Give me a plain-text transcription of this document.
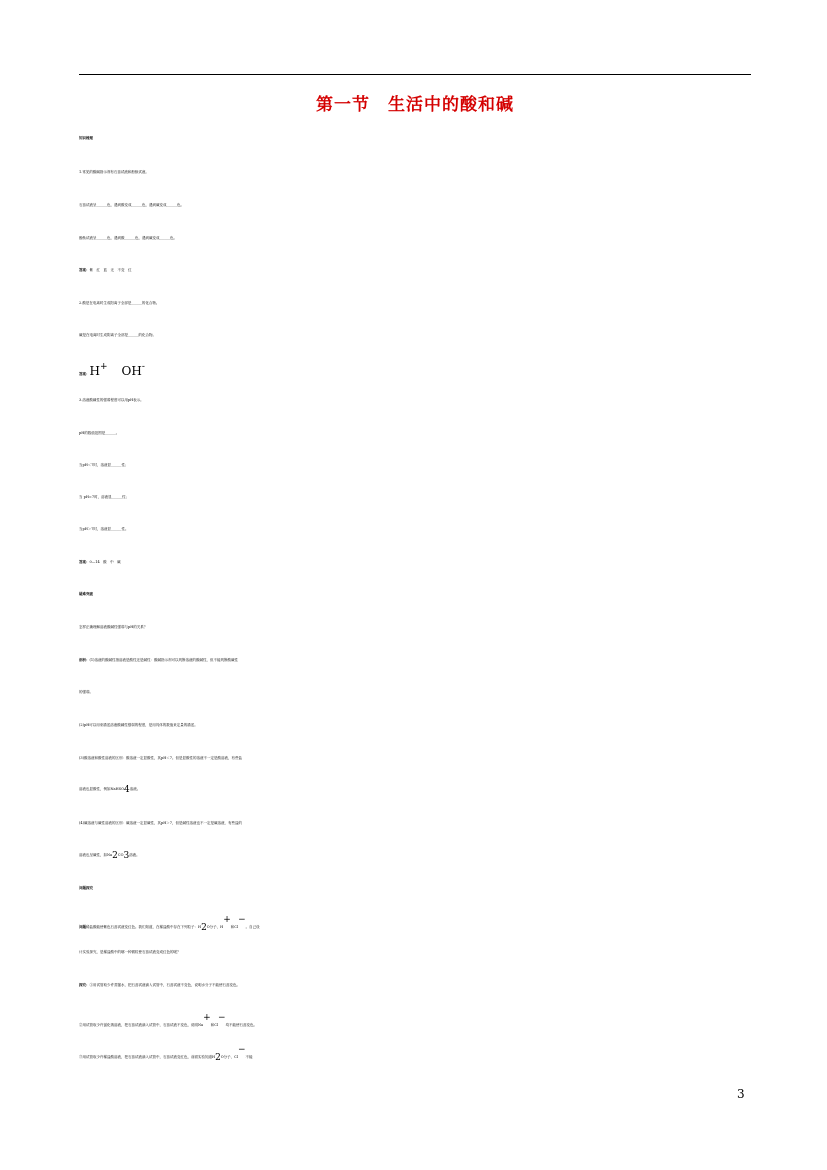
第一节　生活中的酸和碱
知识梳理
1.常见的酸碱指示剂有石蕊试液和酚酞试液。
石蕊试液呈______色，遇到酸变成______色，遇到碱变成______色。
酚酞试液呈______色，遇到酸______色，遇到碱变成______色。
答案：紫　红　蓝　无　不变　红
2.酸是在电离时生成阳离子全部是______的化合物。
碱是在电离时生成阴离子全部是______的化合物。
答案：H+ OH-
3.溶液酸碱性的强弱程度可以用pH表示。
pH的数值范围是______。
当pH＜7时，溶液显______性；
当 pH=7时，溶液显______性；
当pH＞7时，溶液显______性。
答案：0—14　酸　中　碱
疑难突破
怎样正确理解溶液酸碱性强弱与pH的关系？
剖析：(1)溶液的酸碱性指溶液是酸性还是碱性：酸碱指示剂可以判断溶液的酸碱性，但不能判断酸碱性
的强弱。
(2)pH可以用来描述溶液酸碱性强弱的程度，是用具体的数值来定量的描述。
(3)酸溶液和酸性溶液的区别：酸溶液一定显酸性，其pH＜7。但是显酸性的溶液不一定是酸溶液，有些盐
溶液也显酸性，例如NaHSO4溶液。
(4)碱溶液与碱性溶液的区别：碱溶液一定显碱性，其pH＞7，但是碱性溶液也不一定是碱溶液，有些盐的
溶液也呈碱性，如Na2CO3溶液。
问题探究
问题稀盐酸能使紫色石蕊试液变红色。我们知道，在稀盐酸中存在下列粒子：H2O分子、H+和Cl−。自己设
计实验探究，是稀盐酸中的哪一种微粒使石蕊试液变成红色的呢？
探究：①用试管取少许蒸馏水，把石蕊试液滴入试管中，石蕊试液不变色，说明水分子不能使石蕊变色。
②用试管取少许氯化钠溶液，把石蕊试液滴入试管中，石蕊试液不变色，说明Na+和Cl−均不能使石蕊变色。
③用试管取少许稀盐酸溶液，把石蕊试液滴入试管中，石蕊试液变红色，前面实验知道H2O分子、Cl−不能
3
